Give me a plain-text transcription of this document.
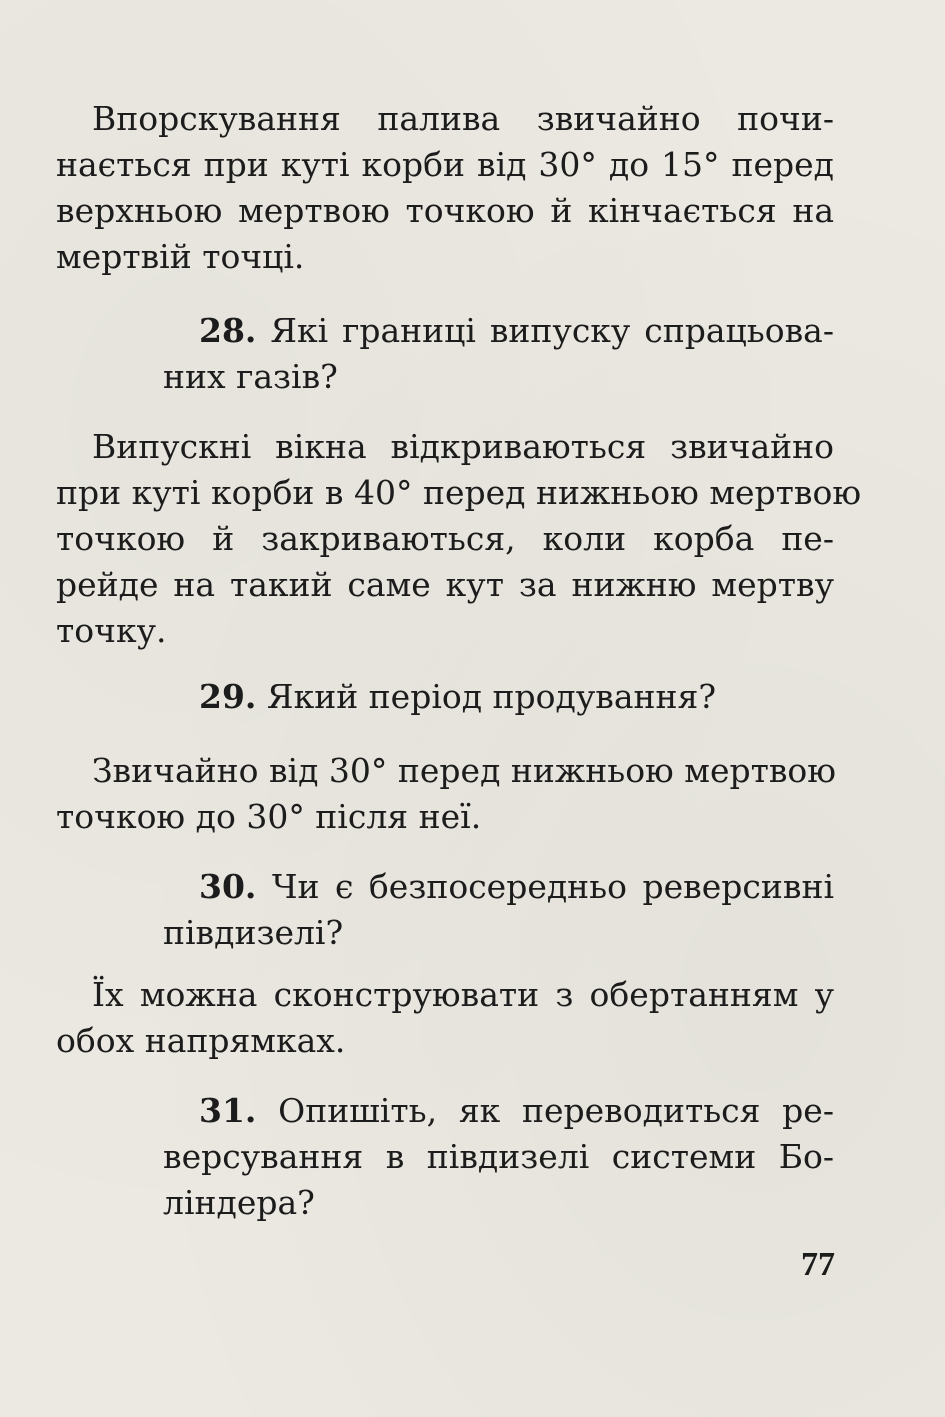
Впорскування палива звичайно почи-
нається при куті корби від 30° до 15° перед
верхньою мертвою точкою й кінчається на
мертвій точці.
28. Які границі випуску спрацьова-
них газів?
Випускні вікна відкриваються звичайно
при куті корби в 40° перед нижньою мертвою
точкою й закриваються, коли корба пе-
рейде на такий саме кут за нижню мертву
точку.
29. Який період продування?
Звичайно від 30° перед нижньою мертвою
точкою до 30° після неї.
30. Чи є безпосередньо реверсивні
півдизелі?
Їх можна сконструювати з обертанням у
обох напрямках.
31. Опишіть, як переводиться ре-
версування в півдизелі системи Бо-
ліндера?
77
